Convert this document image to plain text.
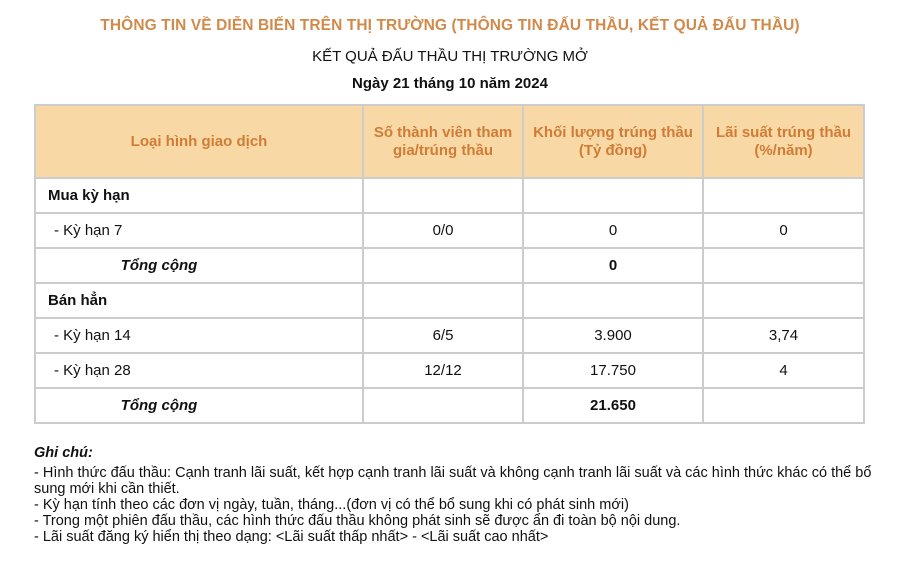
THÔNG TIN VỀ DIỄN BIẾN TRÊN THỊ TRƯỜNG (THÔNG TIN ĐẤU THẦU, KẾT QUẢ ĐẤU THẦU)
KẾT QUẢ ĐẤU THẦU THỊ TRƯỜNG MỞ
Ngày 21 tháng 10 năm 2024
Loại hình giao dịch	Số thành viên tham gia/trúng thầu	Khối lượng trúng thầu (Tỷ đồng)	Lãi suất trúng thầu (%/năm)
Mua kỳ hạn			
- Kỳ hạn 7	0/0	0	0
Tổng cộng		0	
Bán hẳn			
- Kỳ hạn 14	6/5	3.900	3,74
- Kỳ hạn 28	12/12	17.750	4
Tổng cộng		21.650	
Ghi chú:
- Hình thức đấu thầu: Cạnh tranh lãi suất, kết hợp cạnh tranh lãi suất và không cạnh tranh lãi suất và các hình thức khác có thể bổ sung mới khi cần thiết.
- Kỳ hạn tính theo các đơn vị ngày, tuần, tháng...(đơn vị có thể bổ sung khi có phát sinh mới)
- Trong một phiên đấu thầu, các hình thức đấu thầu không phát sinh sẽ được ẩn đi toàn bộ nội dung.
- Lãi suất đăng ký hiển thị theo dạng: <Lãi suất thấp nhất> - <Lãi suất cao nhất>
